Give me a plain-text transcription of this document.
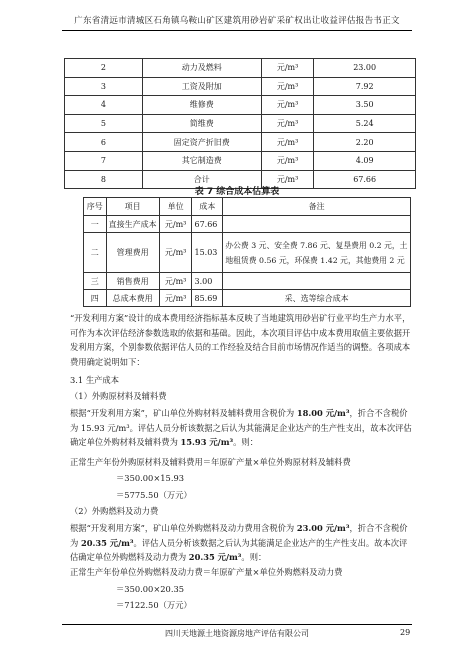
广东省清远市清城区石角镇乌鞍山矿区建筑用砂岩矿采矿权出让收益评估报告书正文
2	动力及燃料	元/m³	23.00
3	工资及附加	元/m³	7.92
4	维修费	元/m³	3.50
5	简维费	元/m³	5.24
6	固定资产折旧费	元/m³	2.20
7	其它制造费	元/m³	4.09
8	合计	元/m³	67.66
表 7 综合成本估算表
序号	项目	单位	成本	备注
一	直接生产成本	元/m³	67.66	
二	管理费用	元/m³	15.03	办公费 3 元、安全费 7.86 元、复垦费用 0.2 元，土地租赁费 0.56 元，环保费 1.42 元，其他费用 2 元
三	销售费用	元/m³	3.00	
四	总成本费用	元/m³	85.69	采、选等综合成本
“开发利用方案”设计的成本费用经济指标基本反映了当地建筑用砂岩矿行业平均生产力水平，可作为本次评估经济参数选取的依据和基础。因此，本次项目评估中成本费用取值主要依据开发利用方案，个别参数依据评估人员的工作经验及结合目前市场情况作适当的调整。各项成本费用确定说明如下：
3.1 生产成本
（1）外购原材料及辅料费
根据“开发利用方案”，矿山单位外购材料及辅料费用含税价为 18.00 元/m³，折合不含税价为 15.93 元/m³。评估人员分析该数据之后认为其能满足企业达产的生产性支出，故本次评估确定单位外购材料及辅料费为 15.93 元/m³。则：
正常生产年份外购原材料及辅料费用＝年原矿产量×单位外购原材料及辅料费
＝350.00×15.93
＝5775.50（万元）
（2）外购燃料及动力费
根据“开发利用方案”，矿山单位外购燃料及动力费用含税价为 23.00 元/m³，折合不含税价为 20.35 元/m³。评估人员分析该数据之后认为其能满足企业达产的生产性支出。故本次评估确定单位外购燃料及动力费为 20.35 元/m³。则：
正常生产年份单位外购燃料及动力费＝年原矿产量×单位外购燃料及动力费
＝350.00×20.35
＝7122.50（万元）
四川天地源土地资源房地产评估有限公司	29
